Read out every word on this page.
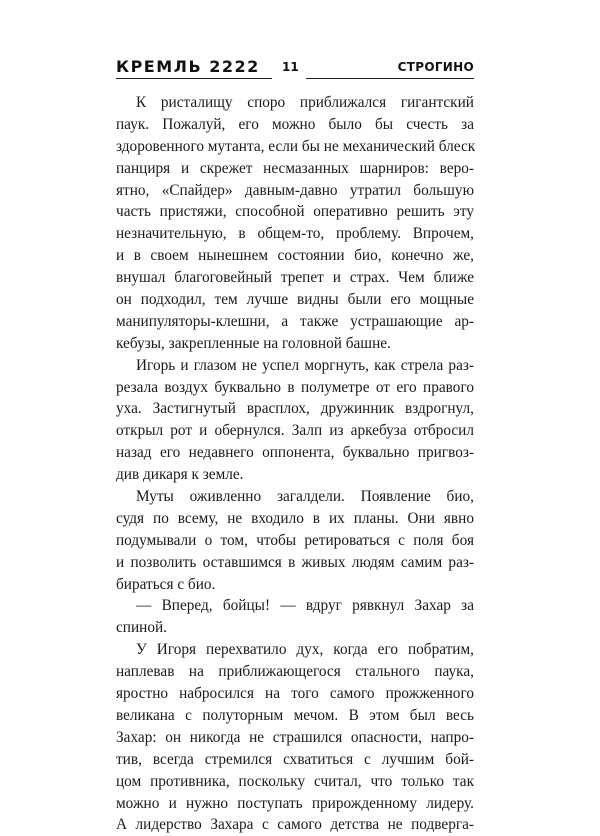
КРЕМЛЬ 2222 11	СТРОГИНО
К ристалищу споро приближался гигантский
паук. Пожалуй, его можно было бы счесть за
здоровенного мутанта, если бы не механический блеск
панциря и скрежет несмазанных шарниров: веро-
ятно, «Спайдер» давным-давно утратил большую
часть пристяжи, способной оперативно решить эту
незначительную, в общем-то, проблему. Впрочем,
и в своем нынешнем состоянии био, конечно же,
внушал благоговейный трепет и страх. Чем ближе
он подходил, тем лучше видны были его мощные
манипуляторы-клешни, а также устрашающие ар-
кебузы, закрепленные на головной башне.
Игорь и глазом не успел моргнуть, как стрела раз-
резала воздух буквально в полуметре от его правого
уха. Застигнутый врасплох, дружинник вздрогнул,
открыл рот и обернулся. Залп из аркебуза отбросил
назад его недавнего оппонента, буквально пригвоз-
див дикаря к земле.
Муты оживленно загалдели. Появление био,
судя по всему, не входило в их планы. Они явно
подумывали о том, чтобы ретироваться с поля боя
и позволить оставшимся в живых людям самим раз-
бираться с био.
— Вперед, бойцы! — вдруг рявкнул Захар за
спиной.
У Игоря перехватило дух, когда его побратим,
наплевав на приближающегося стального паука,
яростно набросился на того самого прожженного
великана с полуторным мечом. В этом был весь
Захар: он никогда не страшился опасности, напро-
тив, всегда стремился схватиться с лучшим бой-
цом противника, поскольку считал, что только так
можно и нужно поступать прирожденному лидеру.
А лидерство Захара с самого детства не подверга-
